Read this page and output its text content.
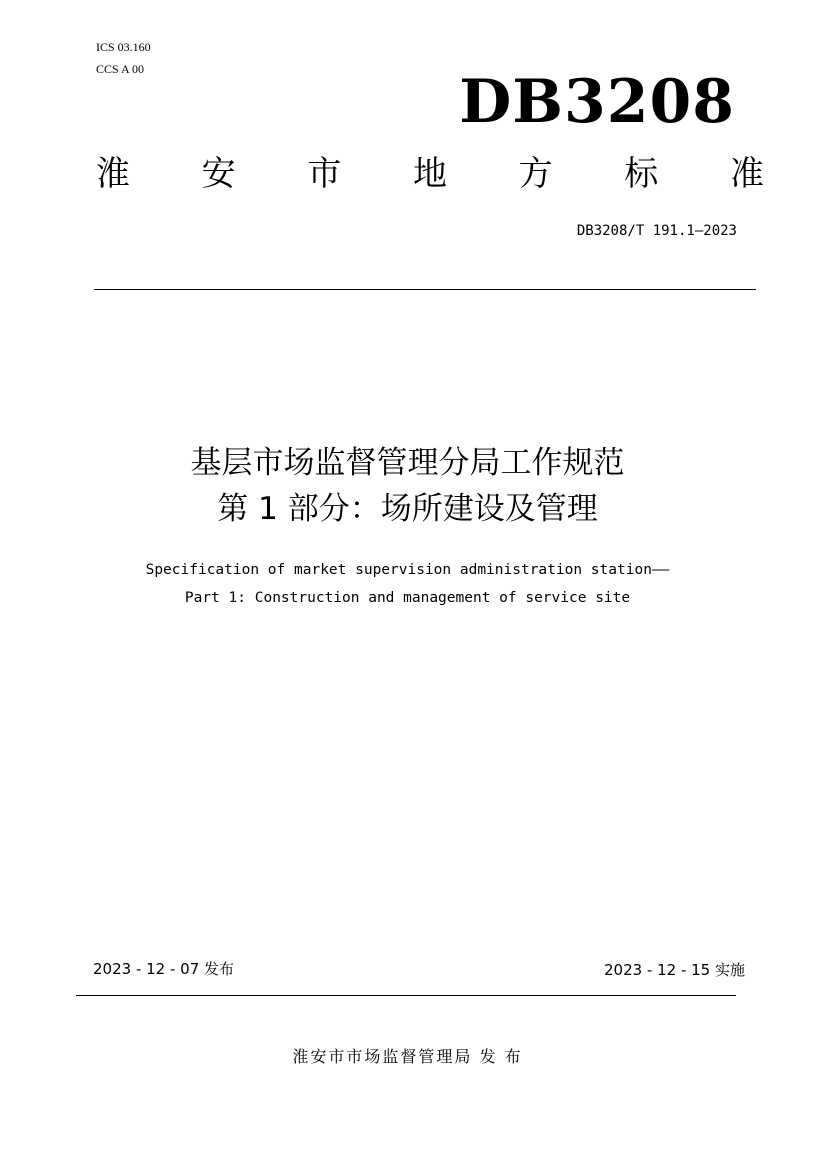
ICS 03.160
CCS A 00	DB3208
淮 安 市 地 方 标 准
DB3208/T 191.1—2023
基层市场监督管理分局工作规范
第 1 部分：场所建设及管理
Specification of market supervision administration station——
Part 1: Construction and management of service site
2023 - 12 - 07 发布	2023 - 12 - 15 实施
淮安市市场监督管理局 发 布
